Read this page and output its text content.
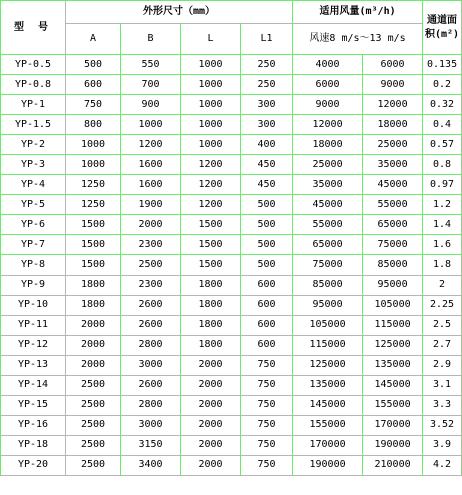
型 号	外形尺寸（mm）				适用风量(m³/h)		通道面
积(m²)
	A	B	L	L1	风速8 m/s～13 m/s		
YP-0.5	500	550	1000	250	4000	6000	0.135
YP-0.8	600	700	1000	250	6000	9000	0.2
YP-1	750	900	1000	300	9000	12000	0.32
YP-1.5	800	1000	1000	300	12000	18000	0.4
YP-2	1000	1200	1000	400	18000	25000	0.57
YP-3	1000	1600	1200	450	25000	35000	0.8
YP-4	1250	1600	1200	450	35000	45000	0.97
YP-5	1250	1900	1200	500	45000	55000	1.2
YP-6	1500	2000	1500	500	55000	65000	1.4
YP-7	1500	2300	1500	500	65000	75000	1.6
YP-8	1500	2500	1500	500	75000	85000	1.8
YP-9	1800	2300	1800	600	85000	95000	2
YP-10	1800	2600	1800	600	95000	105000	2.25
YP-11	2000	2600	1800	600	105000	115000	2.5
YP-12	2000	2800	1800	600	115000	125000	2.7
YP-13	2000	3000	2000	750	125000	135000	2.9
YP-14	2500	2600	2000	750	135000	145000	3.1
YP-15	2500	2800	2000	750	145000	155000	3.3
YP-16	2500	3000	2000	750	155000	170000	3.52
YP-18	2500	3150	2000	750	170000	190000	3.9
YP-20	2500	3400	2000	750	190000	210000	4.2
